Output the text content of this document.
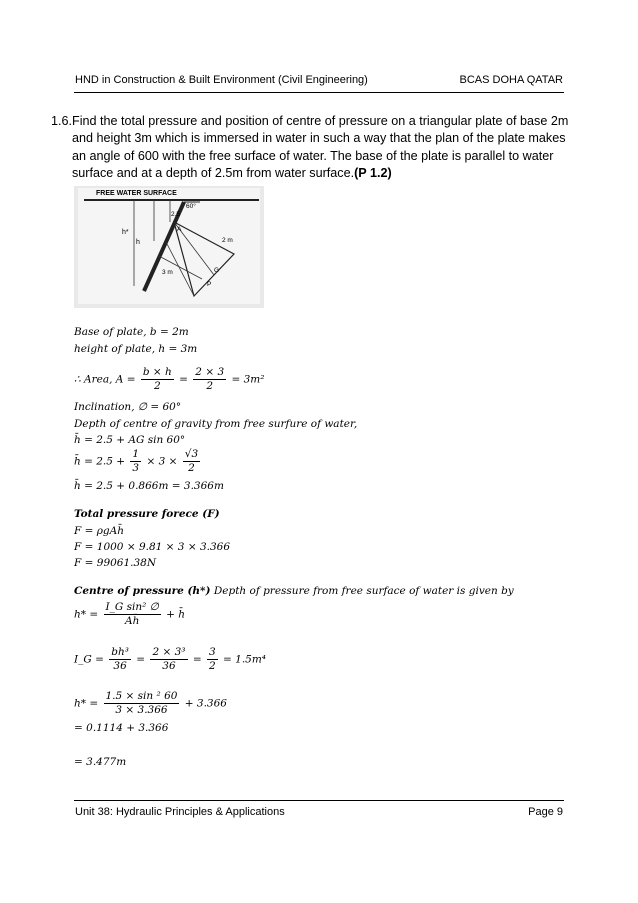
HND in Construction & Built Environment (Civil Engineering)	BCAS DOHA QATAR
1.6. Find the total pressure and position of centre of pressure on a triangular plate of base 2m and height 3m which is immersed in water in such a way that the plan of the plate makes an angle of 600 with the free surface of water. The base of the plate is parallel to water surface and at a depth of 2.5m from water surface.(P 1.2)
FREE WATER SURFACE
h
h*
2.5
60°
2 m
3 m
A
G
P
Base of plate, b = 2m
height of plate, h = 3m
∴ Area, $A = \frac{b \times h}{2} = \frac{2 \times 3}{2} = 3m^2$
Inclination, ∅ = 60°
Depth of centre of gravity from free surfure of water,
h̄ = 2.5 + AG sin 60°
h̄ = $2.5 + \frac{1}{3} \times 3 \times \frac{√3}{2}$
h̄ = 2.5 + 0.866m = 3.366m
Total pressure forece (F)
F = ρgAh̄
F = 1000 × 9.81 × 3 × 3.366
F = 99061.38N
Centre of pressure (h*) Depth of pressure from free surface of water is given by
$h* = \frac{\text{I\_G sin² ∅}}{Ah̄}$ + h̄
I_G = $\frac{\text{bh³}}{36} = \frac{\text{2 × 3³}}{36} = \frac{3}{2} = 1.5m^4$
$h* = \frac{\text{1.5 × sin ² 60}}{3 \times 3.366} + 3.366$
= 0.1114 + 3.366
= 3.477m
Unit 38: Hydraulic Principles & Applications	Page 9
